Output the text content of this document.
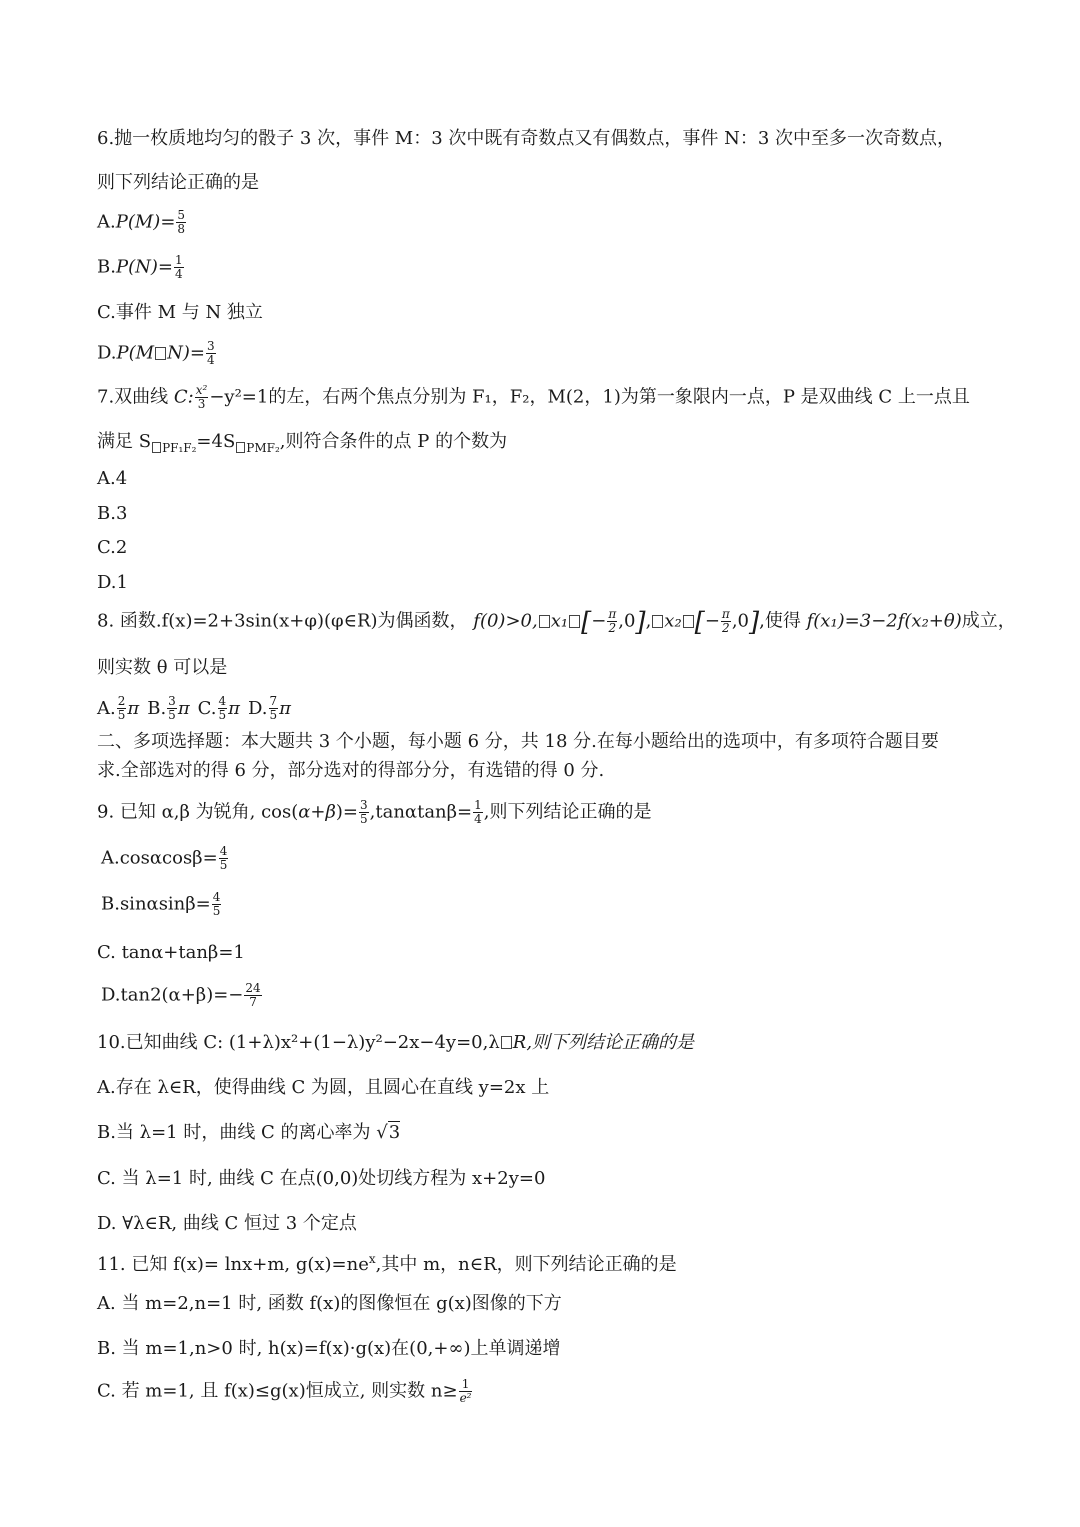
6.抛一枚质地均匀的骰子 3 次，事件 M：3 次中既有奇数点又有偶数点，事件 N：3 次中至多一次奇数点，
则下列结论正确的是
$A.P(M)= \frac{5}{8}$
$B.P(N)= \frac{1}{4}$
C.事件 M 与 N 独立
D.P(M $N)= \frac{3}{4}$
7.双曲线 C: $\frac{\text{x²}}{3} -y^2=1$的左，右两个焦点分别为 F₁，F₂，M(2，1)为第一象限内一点，P 是双曲线 C 上一点且
满足 S $_{PF_1F_2}$=4S $_{PMF_2}$,则符合条件的点 P 的个数为
A.4
B.3
C.2
D.1
8. 函数.f(x)=2+3sin(x+φ)(φ∈R)为偶函数， f(0)>0, x₁ [− $\frac{\pi}{2} ,0$], x₂ [− $\frac{\pi}{2} ,0$],使得 f(x₁)=3−2f(x₂+θ)成立，
则实数 θ 可以是
A. $\frac{2}{5}$ π B. $\frac{3}{5}$ π C. $\frac{4}{5}$ π D. $\frac{7}{5}$ π
二、多项选择题：本大题共 3 个小题，每小题 6 分，共 18 分.在每小题给出的选项中，有多项符合题目要
求.全部选对的得 6 分，部分选对的得部分分，有选错的得 0 分.
9. 已知 α,β 为锐角, $\cos(\alpha+\beta)= \frac{3}{5} ,\tan\alpha\tan\beta= \frac{1}{4}$ ,则下列结论正确的是
$A.\cos\alpha\cos\beta= \frac{4}{5}$
$B.\sin\alpha\sin\beta= \frac{4}{5}$
C. tanα+tanβ=1
$D.\tan 2(\alpha+\beta)=- \frac{24}{7}$
10.已知曲线 C: (1+λ)x²+(1−λ)y²−2x−4y=0,λ R,则下列结论正确的是
A.存在 λ∈R，使得曲线 C 为圆，且圆心在直线 y=2x 上
B.当 λ=1 时，曲线 C 的离心率为 √3
C. 当 λ=1 时, 曲线 C 在点(0,0)处切线方程为 x+2y=0
D. ∀λ∈R, 曲线 C 恒过 3 个定点
11. 已知 f(x)= lnx+m, $g(x)=ne^x$,其中 m，n∈R，则下列结论正确的是
A. 当 m=2,n=1 时, 函数 f(x)的图像恒在 g(x)图像的下方
B. 当 m=1,n>0 时, h(x)=f(x)·g(x)在(0,+∞)上单调递增
C. 若 m=1, 且 f(x)≤g(x)恒成立, 则实数 $n\ge \frac{1}{\text{e²}}$
